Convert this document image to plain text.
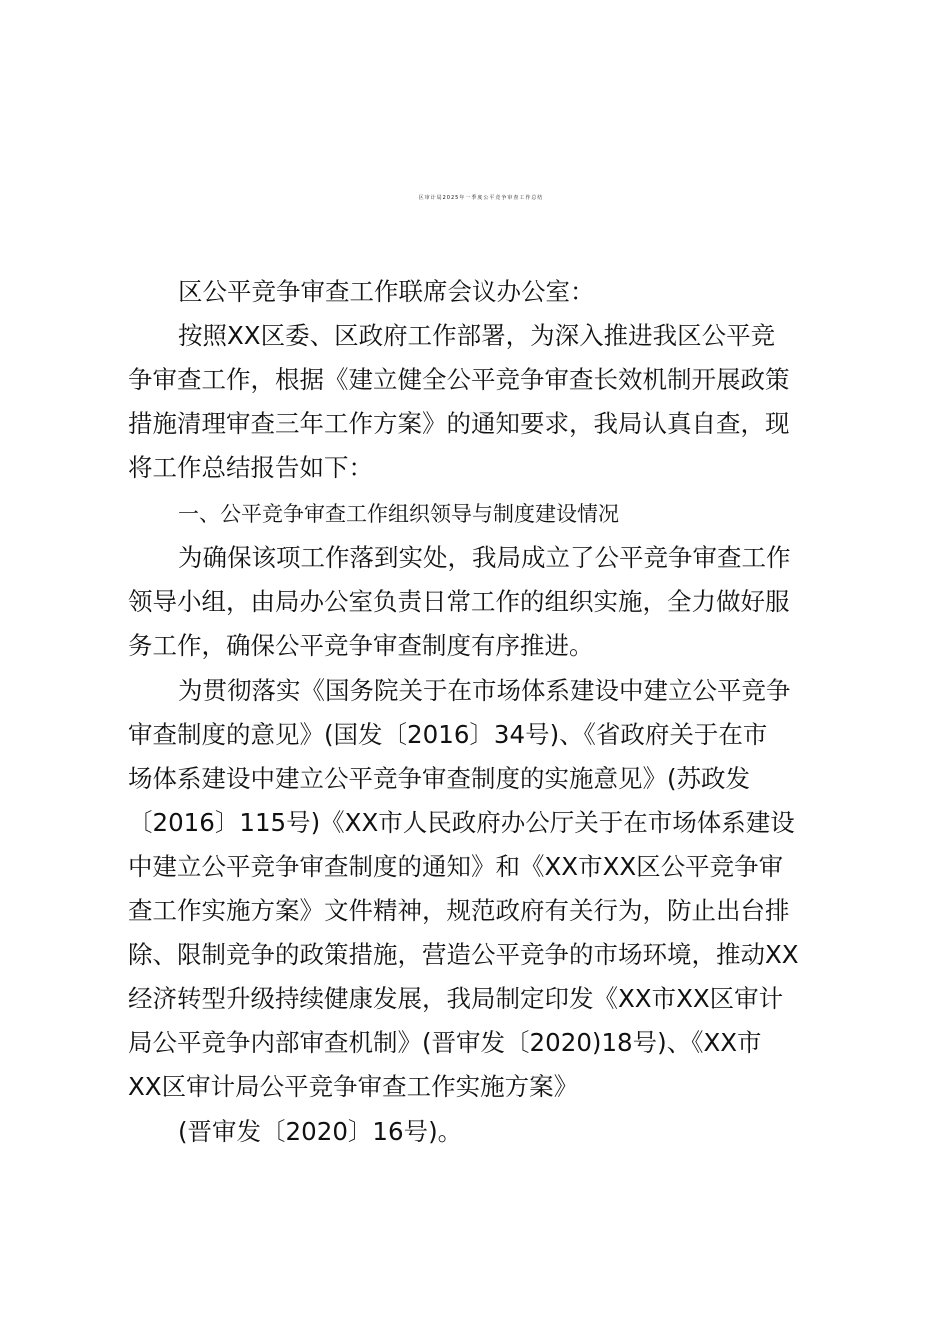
区审计局2025年一季度公平竞争审查工作总结
区公平竞争审查工作联席会议办公室：
按照XX区委、区政府工作部署，为深入推进我区公平竞
争审查工作，根据《建立健全公平竞争审查长效机制开展政策
措施清理审查三年工作方案》的通知要求，我局认真自查，现
将工作总结报告如下：
一、公平竞争审查工作组织领导与制度建设情况
为确保该项工作落到实处，我局成立了公平竞争审查工作
领导小组，由局办公室负责日常工作的组织实施，全力做好服
务工作，确保公平竞争审查制度有序推进。
为贯彻落实《国务院关于在市场体系建设中建立公平竞争
审查制度的意见》(国发〔2016〕34号)、《省政府关于在市
场体系建设中建立公平竞争审查制度的实施意见》(苏政发
〔2016〕115号)《XX市人民政府办公厅关于在市场体系建设
中建立公平竞争审查制度的通知》和《XX市XX区公平竞争审
查工作实施方案》文件精神，规范政府有关行为，防止出台排
除、限制竞争的政策措施，营造公平竞争的市场环境，推动XX
经济转型升级持续健康发展，我局制定印发《XX市XX区审计
局公平竞争内部审查机制》(晋审发〔2020)18号)、《XX市
XX区审计局公平竞争审查工作实施方案》
(晋审发〔2020〕16号)。
